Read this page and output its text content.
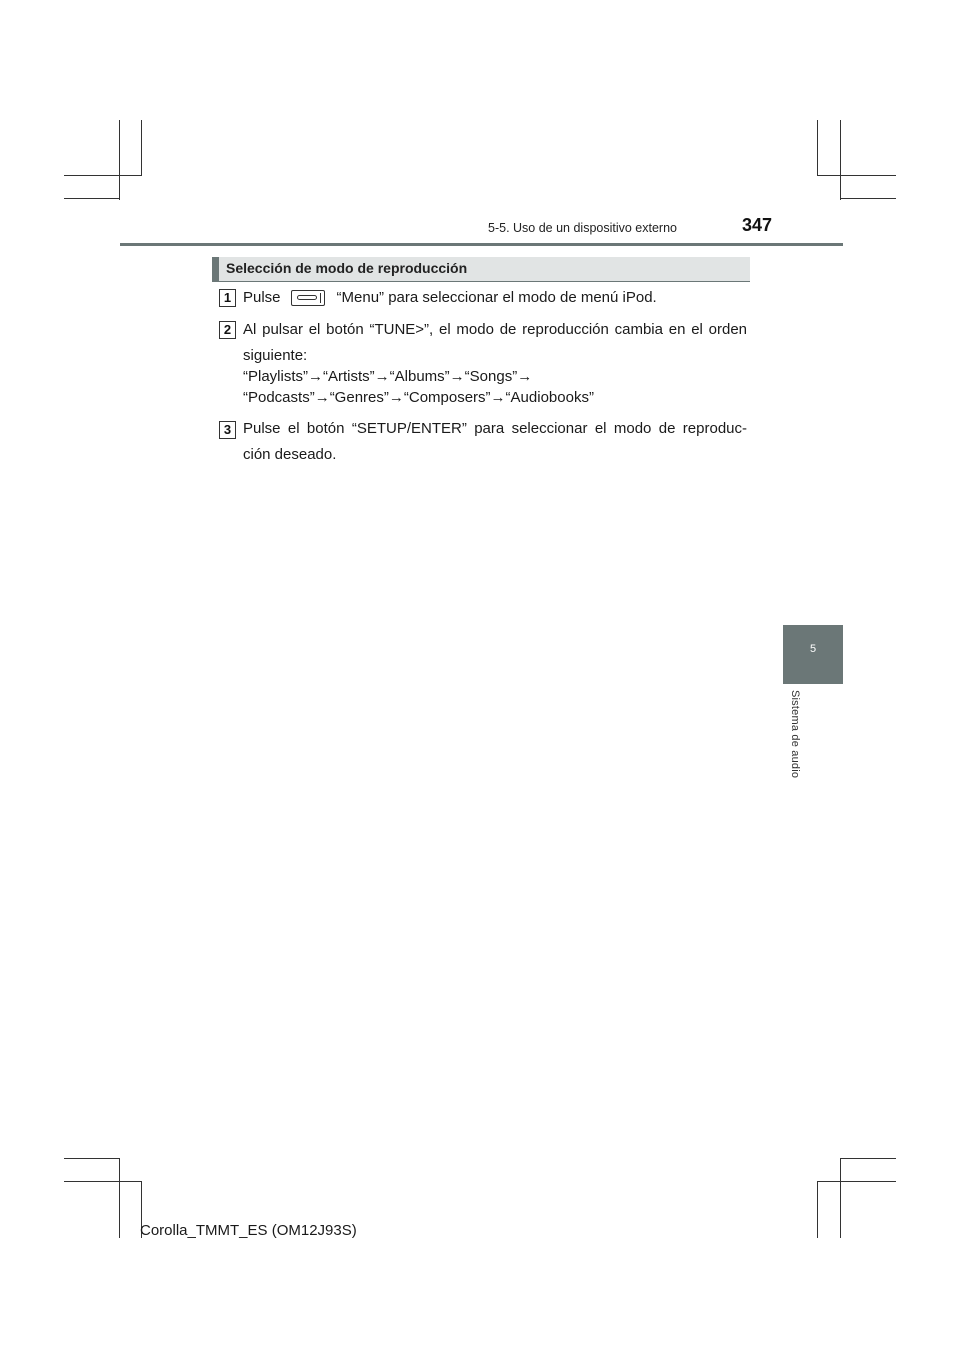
5-5. Uso de un dispositivo externo	347
Selección de modo de reproducción
1 Pulse	“Menu” para seleccionar el modo de menú iPod.
2 Al pulsar el botón “TUNE>”, el modo de reproducción cambia en el orden siguiente:
“Playlists”→“Artists”→“Albums”→“Songs”→
“Podcasts”→“Genres”→“Composers”→“Audiobooks”
3 Pulse el botón “SETUP/ENTER” para seleccionar el modo de reproduc- ción deseado.
5
Sistema de audio
Corolla_TMMT_ES (OM12J93S)
